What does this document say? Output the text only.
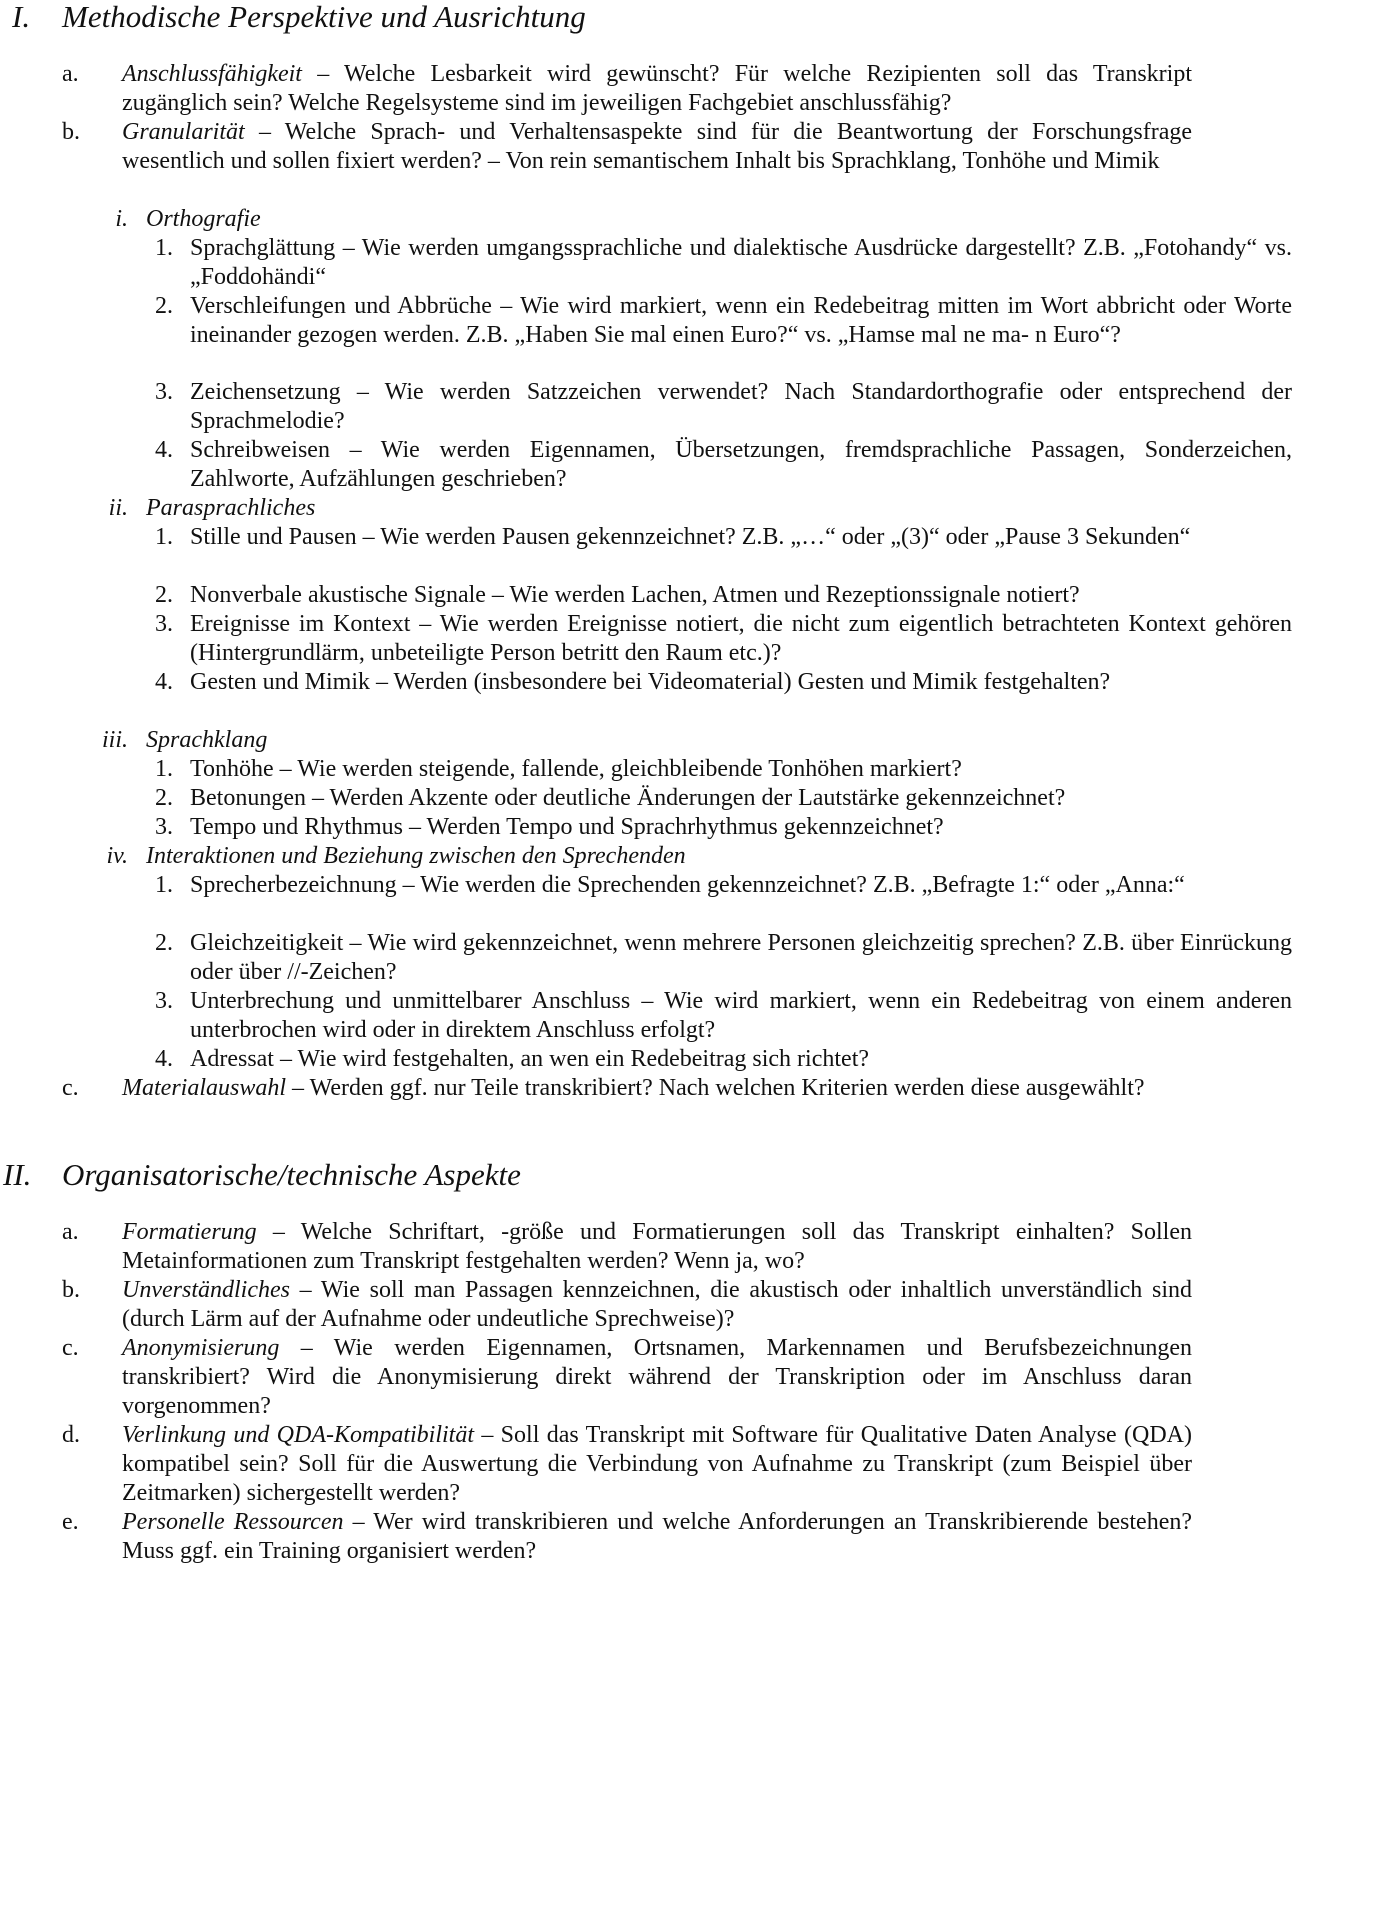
I. Methodische Perspektive und Ausrichtung
a. Anschlussfähigkeit – Welche Lesbarkeit wird gewünscht? Für welche Rezipienten soll das Transkript zugänglich sein? Welche Regelsysteme sind im jeweiligen Fachgebiet anschlussfähig?
b. Granularität – Welche Sprach- und Verhaltensaspekte sind für die Beantwortung der Forschungsfrage wesentlich und sollen fixiert werden? – Von rein semantischem Inhalt bis Sprachklang, Tonhöhe und Mimik
i. Orthografie
1. Sprachglättung – Wie werden umgangssprachliche und dialektische Ausdrücke dargestellt? Z.B. „Fotohandy“ vs. „Foddohändi“
2. Verschleifungen und Abbrüche – Wie wird markiert, wenn ein Redebeitrag mitten im Wort abbricht oder Worte ineinander gezogen werden. Z.B. „Haben Sie mal einen Euro?“ vs. „Hamse mal ne ma- n Euro“?
3. Zeichensetzung – Wie werden Satzzeichen verwendet? Nach Standardorthografie oder entsprechend der Sprachmelodie?
4. Schreibweisen – Wie werden Eigennamen, Übersetzungen, fremdsprachliche Passagen, Sonderzeichen, Zahlworte, Aufzählungen geschrieben?
ii. Parasprachliches
1. Stille und Pausen – Wie werden Pausen gekennzeichnet? Z.B. „…“ oder „(3)“ oder „Pause 3 Sekunden“
2. Nonverbale akustische Signale – Wie werden Lachen, Atmen und Rezeptionssignale notiert?
3. Ereignisse im Kontext – Wie werden Ereignisse notiert, die nicht zum eigentlich betrachteten Kontext gehören (Hintergrundlärm, unbeteiligte Person betritt den Raum etc.)?
4. Gesten und Mimik – Werden (insbesondere bei Videomaterial) Gesten und Mimik festgehalten?
iii. Sprachklang
1. Tonhöhe – Wie werden steigende, fallende, gleichbleibende Tonhöhen markiert?
2. Betonungen – Werden Akzente oder deutliche Änderungen der Lautstärke gekennzeichnet?
3. Tempo und Rhythmus – Werden Tempo und Sprachrhythmus gekennzeichnet?
iv. Interaktionen und Beziehung zwischen den Sprechenden
1. Sprecherbezeichnung – Wie werden die Sprechenden gekennzeichnet? Z.B. „Befragte 1:“ oder „Anna:“
2. Gleichzeitigkeit – Wie wird gekennzeichnet, wenn mehrere Personen gleichzeitig sprechen? Z.B. über Einrückung oder über //-Zeichen?
3. Unterbrechung und unmittelbarer Anschluss – Wie wird markiert, wenn ein Redebeitrag von einem anderen unterbrochen wird oder in direktem Anschluss erfolgt?
4. Adressat – Wie wird festgehalten, an wen ein Redebeitrag sich richtet?
c. Materialauswahl – Werden ggf. nur Teile transkribiert? Nach welchen Kriterien werden diese ausgewählt?
II. Organisatorische/technische Aspekte
a. Formatierung – Welche Schriftart, -größe und Formatierungen soll das Transkript einhalten? Sollen Metainformationen zum Transkript festgehalten werden? Wenn ja, wo?
b. Unverständliches – Wie soll man Passagen kennzeichnen, die akustisch oder inhaltlich unverständlich sind (durch Lärm auf der Aufnahme oder undeutliche Sprechweise)?
c. Anonymisierung – Wie werden Eigennamen, Ortsnamen, Markennamen und Berufsbezeichnungen transkribiert? Wird die Anonymisierung direkt während der Transkription oder im Anschluss daran vorgenommen?
d. Verlinkung und QDA-Kompatibilität – Soll das Transkript mit Software für Qualitative Daten Analyse (QDA) kompatibel sein? Soll für die Auswertung die Verbindung von Aufnahme zu Transkript (zum Beispiel über Zeitmarken) sichergestellt werden?
e. Personelle Ressourcen – Wer wird transkribieren und welche Anforderungen an Transkribierende bestehen? Muss ggf. ein Training organisiert werden?
